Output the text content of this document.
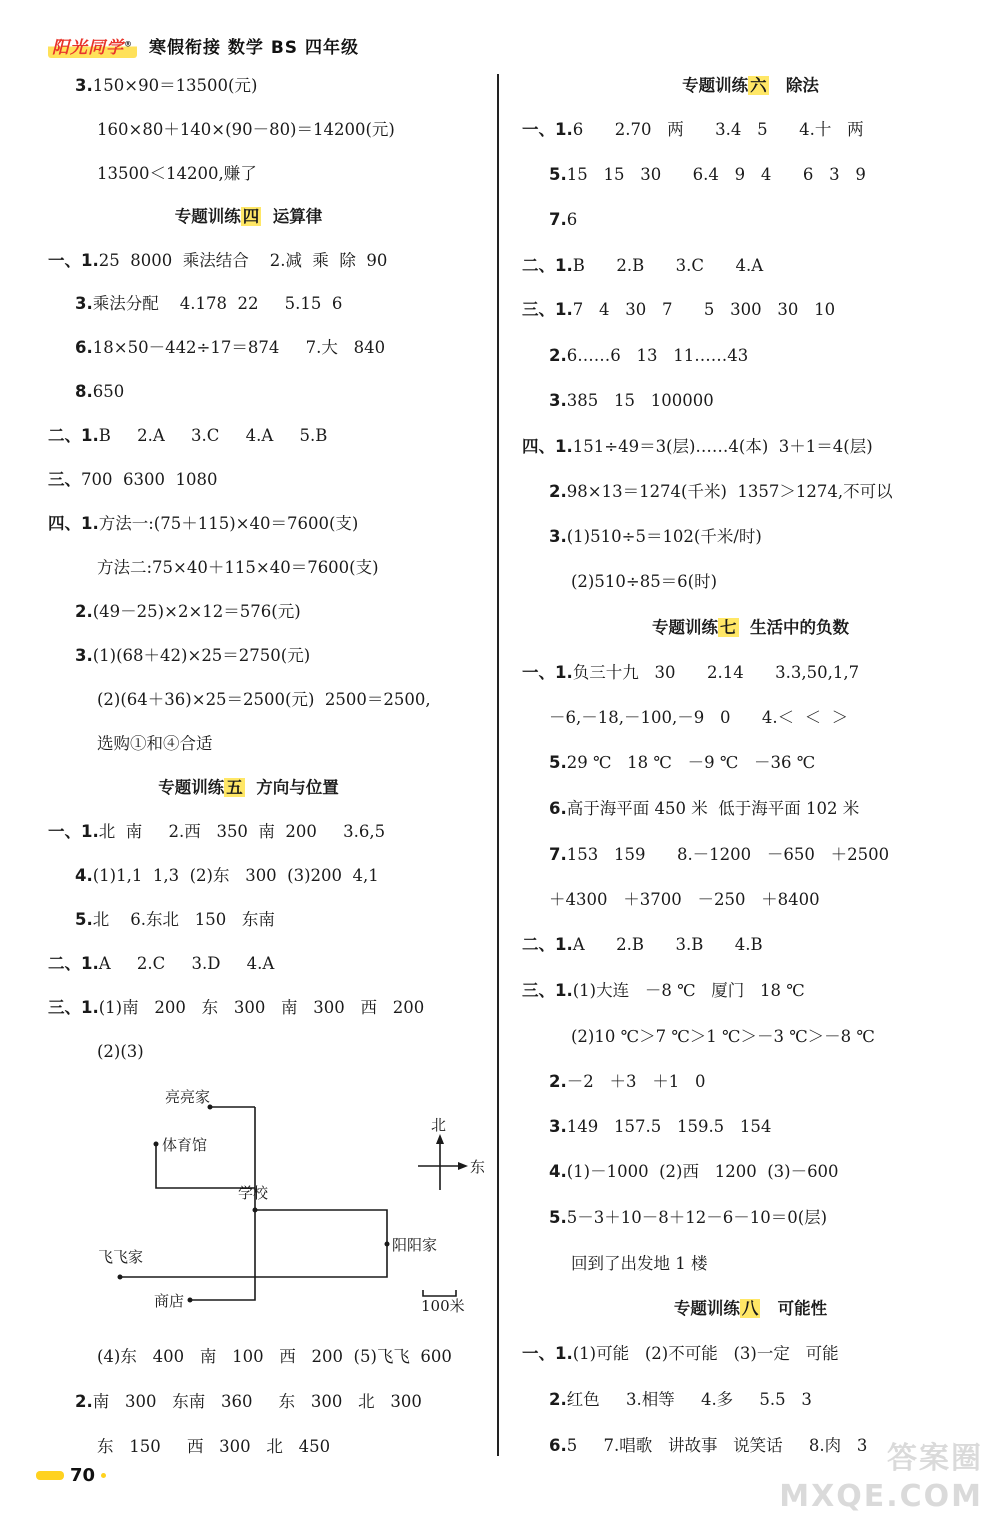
阳光同学® 寒假衔接 数学 BS 四年级
3.150×90＝13500(元)
160×80＋140×(90－80)＝14200(元)
13500＜14200,赚了
专题训练 四  运算律
一、1.25  8000  乘法结合    2.减  乘  除  90
3.乘法分配    4.178  22     5.15  6
6.18×50－442÷17＝874     7.大   840
8.650
二、1.B     2.A     3.C     4.A     5.B
三、700  6300  1080
四、1.方法一:(75＋115)×40＝7600(支)
方法二:75×40＋115×40＝7600(支)
2.(49－25)×2×12＝576(元)
3.(1)(68＋42)×25＝2750(元)
(2)(64＋36)×25＝2500(元)  2500＝2500,
选购①和④合适
专题训练 五  方向与位置
一、1.北  南     2.西   350  南  200     3.6,5
4.(1)1,1  1,3  (2)东   300  (3)200  4,1
5.北    6.东北   150   东南
二、1.A     2.C     3.D     4.A
三、1.(1)南   200   东   300   南   300   西   200
(2)(3)
(4)东   400   南   100   西   200  (5)飞飞  600
2.南   300   东南   360     东   300   北   300
东   150     西   300   北   450
专题训练 六   除法
一、1.6      2.70   两      3.4   5      4.十   两
5.15   15   30      6.4   9   4      6   3   9
7.6
二、1.B      2.B      3.C      4.A
三、1.7   4   30   7      5   300   30   10
2.6……6   13   11……43
3.385   15   100000
四、1.151÷49＝3(层)……4(本)  3＋1＝4(层)
2.98×13＝1274(千米)  1357＞1274,不可以
3.(1)510÷5＝102(千米/时)
(2)510÷85＝6(时)
专题训练 七  生活中的负数
一、1.负三十九   30      2.14      3.3,50,1,7
－6,－18,－100,－9   0      4.＜  ＜  ＞
5.29 ℃   18 ℃   －9 ℃   －36 ℃
6.高于海平面 450 米  低于海平面 102 米
7.153   159      8.－1200   －650   ＋2500
＋4300   ＋3700   －250   ＋8400
二、1.A      2.B      3.B      4.B
三、1.(1)大连   －8 ℃   厦门   18 ℃
(2)10 ℃＞7 ℃＞1 ℃＞－3 ℃＞－8 ℃
2.－2   ＋3   ＋1   0
3.149   157.5   159.5   154
4.(1)－1000  (2)西   1200  (3)－600
5.5－3＋10－8＋12－6－10＝0(层)
回到了出发地 1 楼
专题训练 八   可能性
一、1.(1)可能   (2)不可能   (3)一定   可能
2.红色     3.相等     4.多     5.5   3
6.5     7.唱歌   讲故事   说笑话     8.肉   3
亮亮家
体育馆
学校
阳阳家
飞飞家
商店
北
东
100米
70	答案圈
MXQE.COM
